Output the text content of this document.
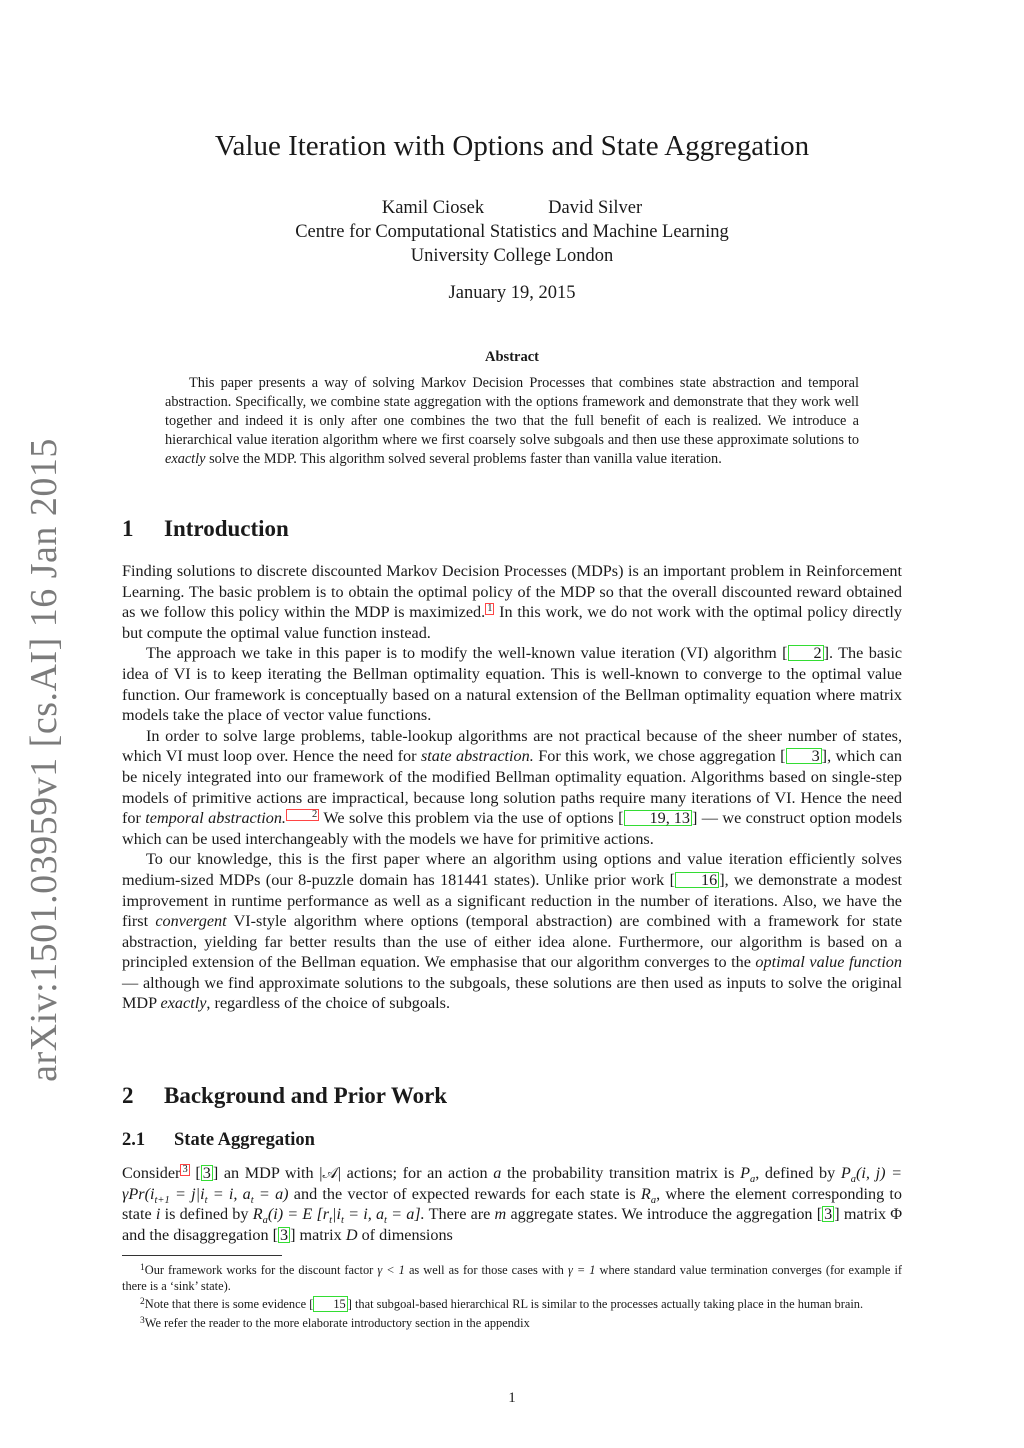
arXiv:1501.03959v1 [cs.AI] 16 Jan 2015
Value Iteration with Options and State Aggregation
Kamil Ciosek	David Silver
Centre for Computational Statistics and Machine Learning
University College London
January 19, 2015
Abstract

This paper presents a way of solving Markov Decision Processes that combines state abstraction and temporal abstraction. Specifically, we combine state aggregation with the options framework and demonstrate that they work well together and indeed it is only after one combines the two that the full benefit of each is realized. We introduce a hierarchical value iteration algorithm where we first coarsely solve subgoals and then use these approximate solutions to exactly solve the MDP. This algorithm solved several problems faster than vanilla value iteration.

1 Introduction

Finding solutions to discrete discounted Markov Decision Processes (MDPs) is an important problem in Reinforcement Learning. The basic problem is to obtain the optimal policy of the MDP so that the overall discounted reward obtained as we follow this policy within the MDP is maximized. 1 In this work, we do not work with the optimal policy directly but compute the optimal value function instead.

The approach we take in this paper is to modify the well-known value iteration (VI) algorithm [ 2 ]. The basic idea of VI is to keep iterating the Bellman optimality equation. This is well-known to converge to the optimal value function. Our framework is conceptually based on a natural extension of the Bellman optimality equation where matrix models take the place of vector value functions.

In order to solve large problems, table-lookup algorithms are not practical because of the sheer number of states, which VI must loop over. Hence the need for state abstraction. For this work, we chose aggregation [ 3 ], which can be nicely integrated into our framework of the modified Bellman optimality equation. Algorithms based on single-step models of primitive actions are impractical, because long solution paths require many iterations of VI. Hence the need for temporal abstraction. 2 We solve this problem via the use of options [ 19, 13 ] — we construct option models which can be used interchangeably with the models we have for primitive actions.

To our knowledge, this is the first paper where an algorithm using options and value iteration efficiently solves medium-sized MDPs (our 8-puzzle domain has 181441 states). Unlike prior work [ 16 ], we demonstrate a modest improvement in runtime performance as well as a significant reduction in the number of iterations. Also, we have the first convergent VI-style algorithm where options (temporal abstraction) are combined with a framework for state abstraction, yielding far better results than the use of either idea alone. Furthermore, our algorithm is based on a principled extension of the Bellman equation. We emphasise that our algorithm converges to the optimal value function — although we find approximate solutions to the subgoals, these solutions are then used as inputs to solve the original MDP exactly, regardless of the choice of subgoals.

2 Background and Prior Work
2.1 State Aggregation

Consider 3 [ 3 ] an MDP with |𝒜| actions; for an action a the probability transition matrix is $P_a$, defined by $P_a(i$, $j) = \gamma Pr(i_{t+1} = j|i_t = i$, $a_t = a$) and the vector of expected rewards for each state is $R_a$, where the element corresponding to state i is defined by $R_a(i) = E$ [$r_t|i_t = i$, $a_t = a$]. There are m aggregate states. We introduce the aggregation [ 3 ] matrix Φ and the disaggregation [ 3 ] matrix D of dimensions

$^1$Our framework works for the discount factor γ < 1 as well as for those cases with γ = 1 where standard value termination converges (for example if there is a ‘sink’ state).

$^2$Note that there is some evidence [ 15 ] that subgoal-based hierarchical RL is similar to the processes actually taking place in the human brain.

$^3$We refer the reader to the more elaborate introductory section in the appendix

1
